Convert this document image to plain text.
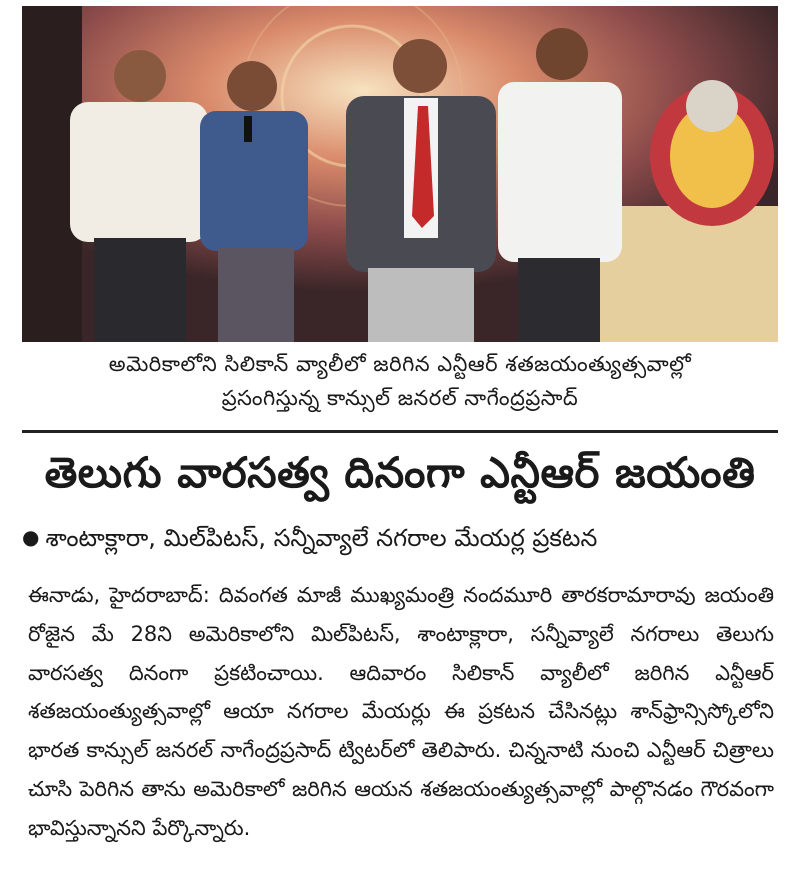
అమెరికాలోని సిలికాన్ వ్యాలీలో జరిగిన ఎన్టీఆర్ శతజయంత్యుత్సవాల్లో
ప్రసంగిస్తున్న కాన్సుల్ జనరల్ నాగేంద్రప్రసాద్
తెలుగు వారసత్వ దినంగా ఎన్టీఆర్ జయంతి
● శాంటాక్లారా, మిల్‌పిటస్, సన్నీవ్యాలే నగరాల మేయర్ల ప్రకటన
ఈనాడు, హైదరాబాద్: దివంగత మాజీ ముఖ్యమంత్రి నందమూరి తారకరామారావు జయంతి రోజైన మే 28ని అమెరికాలోని మిల్‌పిటస్, శాంటాక్లారా, సన్నీవ్యాలే నగరాలు తెలుగు వారసత్వ దినంగా ప్రకటించాయి. ఆదివారం సిలికాన్ వ్యాలీలో జరిగిన ఎన్టీఆర్ శతజయంత్యుత్సవాల్లో ఆయా నగరాల మేయర్లు ఈ ప్రకటన చేసినట్లు శాన్‌ఫ్రాన్సిస్కోలోని భారత కాన్సుల్ జనరల్ నాగేంద్రప్రసాద్ ట్విటర్‌లో తెలిపారు. చిన్ననాటి నుంచి ఎన్టీఆర్ చిత్రాలు చూసి పెరిగిన తాను అమెరికాలో జరిగిన ఆయన శతజయంత్యుత్సవాల్లో పాల్గొనడం గౌరవంగా భావిస్తున్నానని పేర్కొన్నారు.
